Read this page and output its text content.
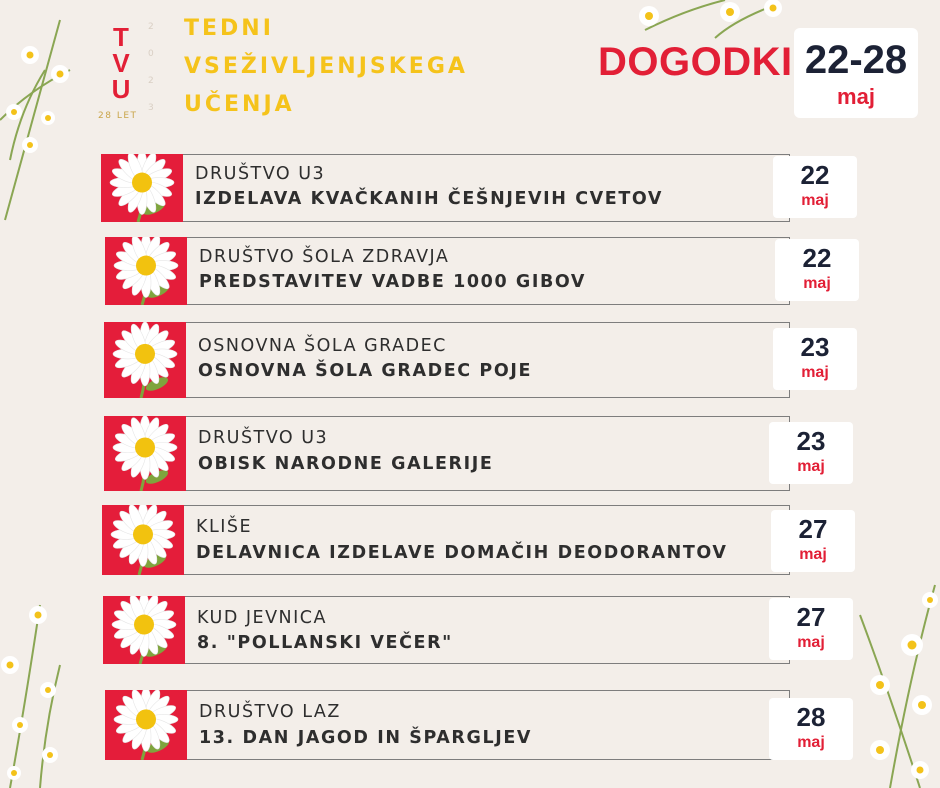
T
V
U
2
0
2
3
28 LET
TEDNI
VSEŽIVLJENJSKEGA
UČENJA
DOGODKI 22-28
maj
DRUŠTVO U3
IZDELAVA KVAČKANIH ČEŠNJEVIH CVETOV
22
maj
DRUŠTVO ŠOLA ZDRAVJA
PREDSTAVITEV VADBE 1000 GIBOV
22
maj
OSNOVNA ŠOLA GRADEC
OSNOVNA ŠOLA GRADEC POJE
23
maj
DRUŠTVO U3
OBISK NARODNE GALERIJE
23
maj
KLIŠE
DELAVNICA IZDELAVE DOMAČIH DEODORANTOV
27
maj
KUD JEVNICA
8. "POLLANSKI VEČER"
27
maj
DRUŠTVO LAZ
13. DAN JAGOD IN ŠPARGLJEV
28
maj
